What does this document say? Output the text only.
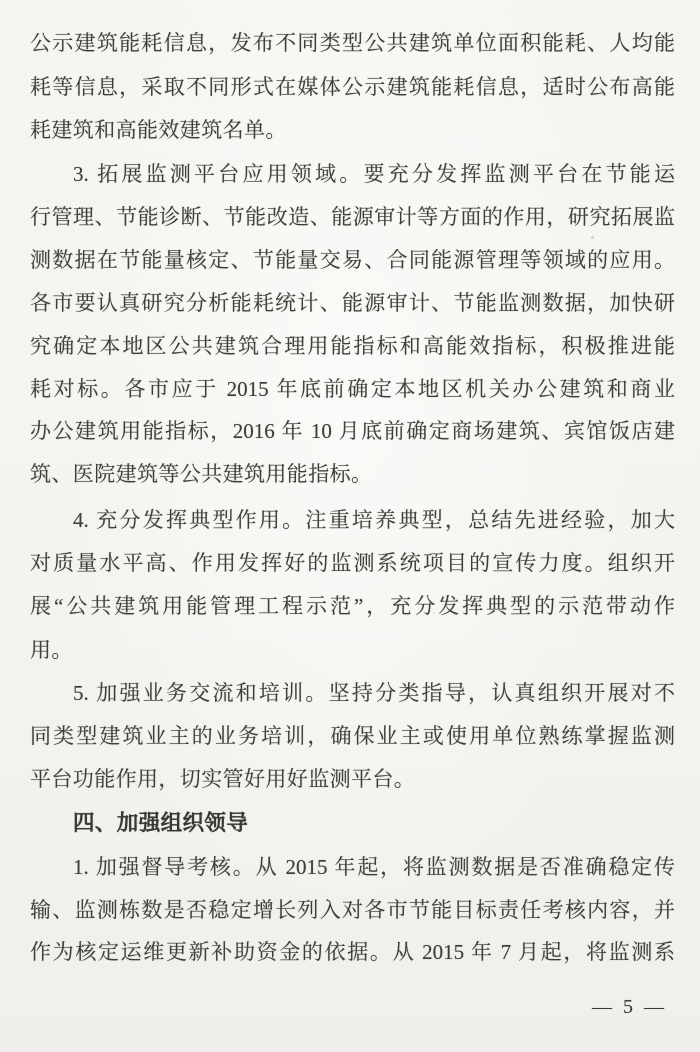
公示建筑能耗信息，发布不同类型公共建筑单位面积能耗、人均能
耗等信息，采取不同形式在媒体公示建筑能耗信息，适时公布高能
耗建筑和高能效建筑名单。
3. 拓展监测平台应用领域。要充分发挥监测平台在节能运
行管理、节能诊断、节能改造、能源审计等方面的作用，研究拓展监
测数据在节能量核定、节能量交易、合同能源管理等领域的应用。
各市要认真研究分析能耗统计、能源审计、节能监测数据，加快研
究确定本地区公共建筑合理用能指标和高能效指标，积极推进能
耗对标。各市应于 2015 年底前确定本地区机关办公建筑和商业
办公建筑用能指标，2016 年 10 月底前确定商场建筑、宾馆饭店建
筑、医院建筑等公共建筑用能指标。
4. 充分发挥典型作用。注重培养典型，总结先进经验，加大
对质量水平高、作用发挥好的监测系统项目的宣传力度。组织开
展“公共建筑用能管理工程示范”，充分发挥典型的示范带动作
用。
5. 加强业务交流和培训。坚持分类指导，认真组织开展对不
同类型建筑业主的业务培训，确保业主或使用单位熟练掌握监测
平台功能作用，切实管好用好监测平台。
四、加强组织领导
1. 加强督导考核。从 2015 年起，将监测数据是否准确稳定传
输、监测栋数是否稳定增长列入对各市节能目标责任考核内容，并
作为核定运维更新补助资金的依据。从 2015 年 7 月起，将监测系
— 5 —
